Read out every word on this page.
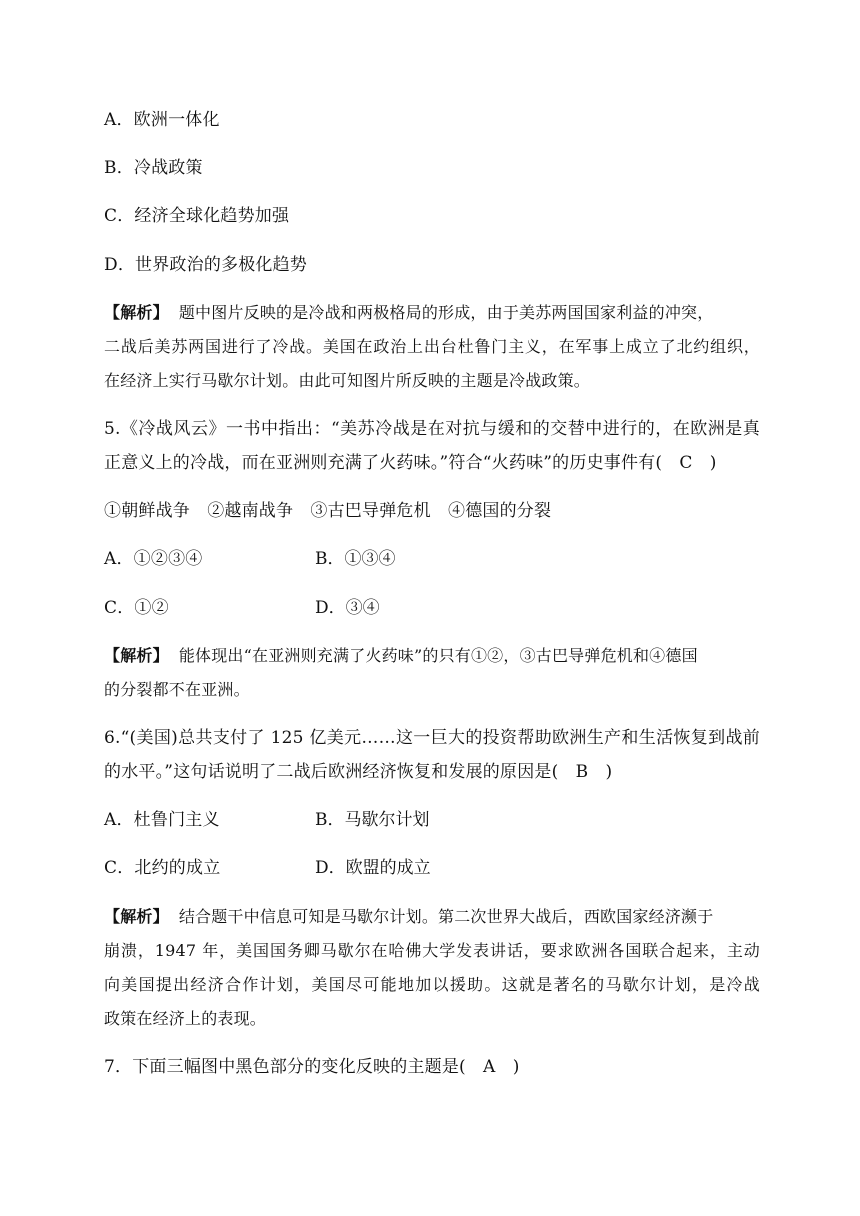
A．欧洲一体化
B．冷战政策
C．经济全球化趋势加强
D．世界政治的多极化趋势
【解析】 题中图片反映的是冷战和两极格局的形成，由于美苏两国国家利益的冲突，
二战后美苏两国进行了冷战。美国在政治上出台杜鲁门主义，在军事上成立了北约组织，
在经济上实行马歇尔计划。由此可知图片所反映的主题是冷战政策。
5.《冷战风云》一书中指出：“美苏冷战是在对抗与缓和的交替中进行的，在欧洲是真
正意义上的冷战，而在亚洲则充满了火药味。”符合“火药味”的历史事件有(　C　)
①朝鲜战争　②越南战争　③古巴导弹危机　④德国的分裂
A．①②③④	B．①③④
C．①②	D．③④
【解析】 能体现出“在亚洲则充满了火药味”的只有①②，③古巴导弹危机和④德国
的分裂都不在亚洲。
6.“(美国)总共支付了 125 亿美元……这一巨大的投资帮助欧洲生产和生活恢复到战前
的水平。”这句话说明了二战后欧洲经济恢复和发展的原因是(　B　)
A．杜鲁门主义	B．马歇尔计划
C．北约的成立	D．欧盟的成立
【解析】 结合题干中信息可知是马歇尔计划。第二次世界大战后，西欧国家经济濒于
崩溃，1947 年，美国国务卿马歇尔在哈佛大学发表讲话，要求欧洲各国联合起来，主动
向美国提出经济合作计划，美国尽可能地加以援助。这就是著名的马歇尔计划，是冷战
政策在经济上的表现。
7．下面三幅图中黑色部分的变化反映的主题是(　A　)
